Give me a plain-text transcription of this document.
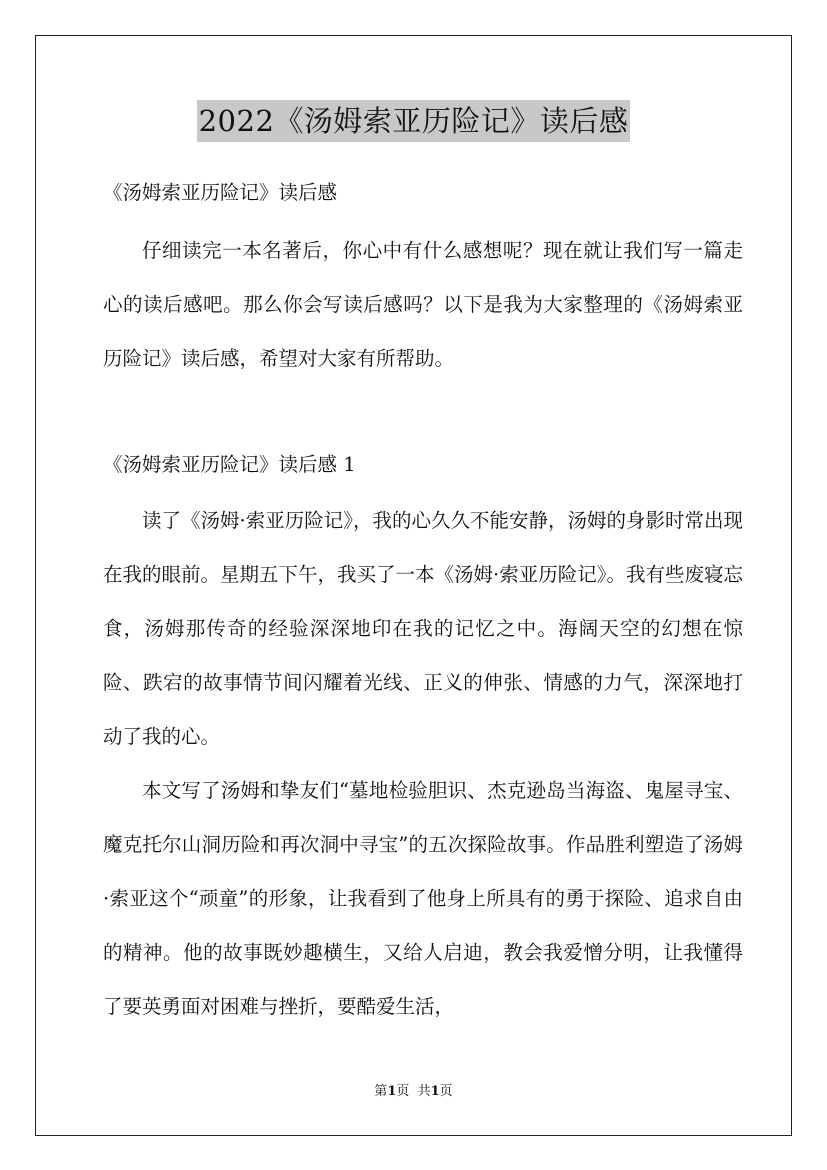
2022《汤姆索亚历险记》读后感
《汤姆索亚历险记》读后感

仔细读完一本名著后，你心中有什么感想呢？现在就让我们写一篇走心的读后感吧。那么你会写读后感吗？以下是我为大家整理的《汤姆索亚历险记》读后感，希望对大家有所帮助。

《汤姆索亚历险记》读后感 1

读了《汤姆·索亚历险记》，我的心久久不能安静，汤姆的身影时常出现在我的眼前。星期五下午，我买了一本《汤姆·索亚历险记》。我有些废寝忘食，汤姆那传奇的经验深深地印在我的记忆之中。海阔天空的幻想在惊险、跌宕的故事情节间闪耀着光线、正义的伸张、情感的力气，深深地打动了我的心。

本文写了汤姆和挚友们“墓地检验胆识、杰克逊岛当海盗、鬼屋寻宝、魔克托尔山洞历险和再次洞中寻宝”的五次探险故事。作品胜利塑造了汤姆·索亚这个“顽童”的形象，让我看到了他身上所具有的勇于探险、追求自由的精神。他的故事既妙趣横生，又给人启迪，教会我爱憎分明，让我懂得了要英勇面对困难与挫折，要酷爱生活，

第1页  共1页
